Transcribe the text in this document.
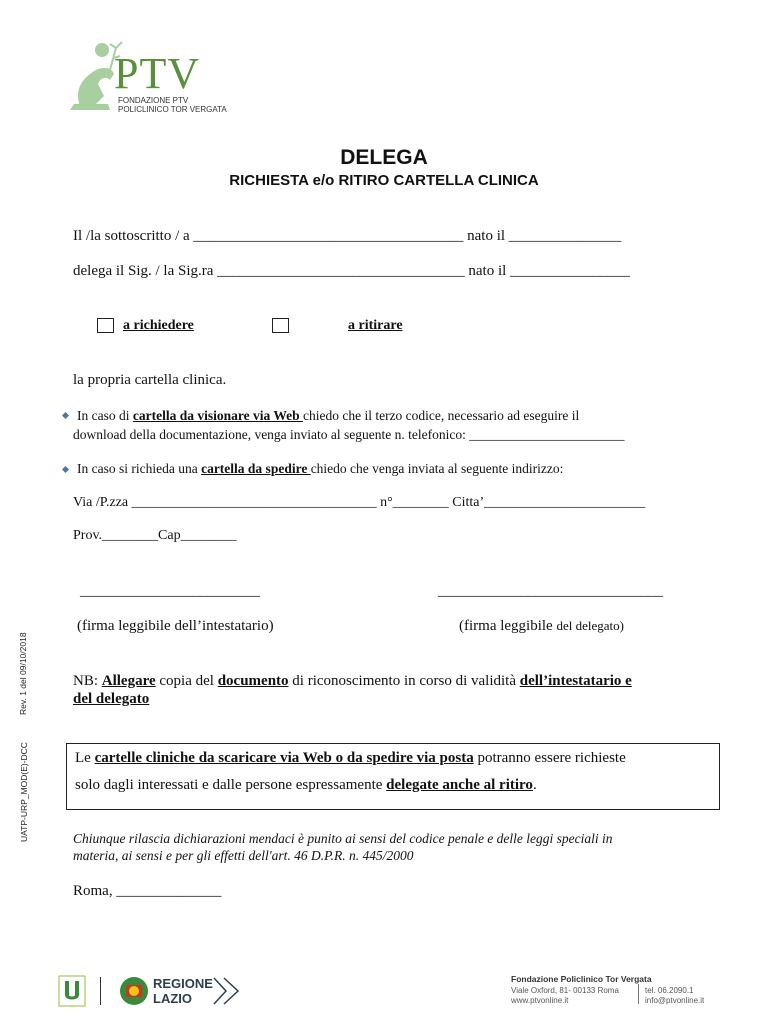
PTV
FONDAZIONE PTV
POLICLINICO TOR VERGATA
Rev. 1 del 09/10/2018
UATP-URP_MOD(E)-DCC
DELEGA
RICHIESTA e/o RITIRO CARTELLA CLINICA
Il /la sottoscritto / a ____________________________________ nato il _______________
delega il Sig. / la Sig.ra _________________________________ nato il ________________
a richiedere	a ritirare
la propria cartella clinica.
In caso di cartella da visionare via Web chiedo che il terzo codice, necessario ad eseguire il
download della documentazione, venga inviato al seguente n. telefonico: _______________________
In caso si richieda una cartella da spedire chiedo che venga inviata al seguente indirizzo:
Via /P.zza ___________________________________ n°________ Citta’_______________________
Prov.________Cap________
________________________	______________________________
(firma leggibile dell’intestatario)	(firma leggibile del delegato)
NB: Allegare copia del documento di riconoscimento in corso di validità dell’intestatario e
del delegato
Le cartelle cliniche da scaricare via Web o da spedire via posta potranno essere richieste
solo dagli interessati e dalle persone espressamente delegate anche al ritiro.
Chiunque rilascia dichiarazioni mendaci è punito ai sensi del codice penale e delle leggi speciali in
materia, ai sensi e per gli effetti dell'art. 46 D.P.R. n. 445/2000
Roma, ______________
REGIONE
LAZIO
Fondazione Policlinico Tor Vergata
Viale Oxford, 81- 00133 Roma
www.ptvonline.it
tel. 06.2090.1
info@ptvonline.it
